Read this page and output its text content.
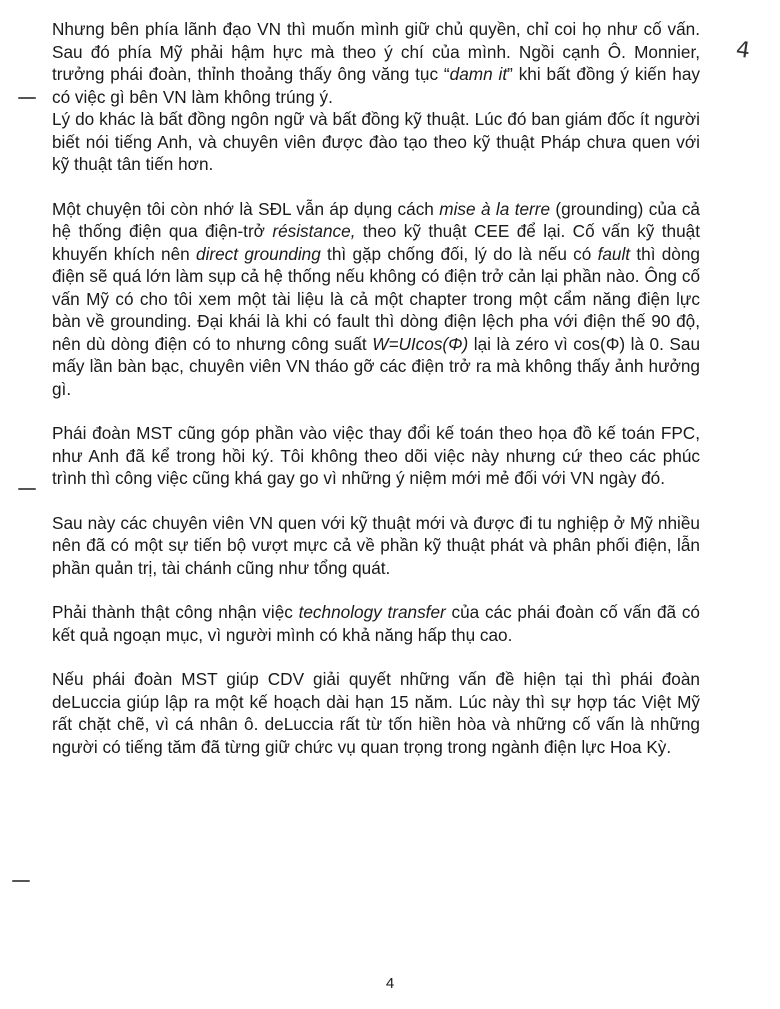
4

Nhưng bên phía lãnh đạo VN thì muốn mình giữ chủ quyền, chỉ coi họ như cố vấn. Sau đó phía Mỹ phải hậm hực mà theo ý chí của mình. Ngồi cạnh Ô. Monnier, trưởng phái đoàn, thỉnh thoảng thấy ông văng tục “damn it” khi bất đồng ý kiến hay có việc gì bên VN làm không trúng ý.

Lý do khác là bất đồng ngôn ngữ và bất đồng kỹ thuật. Lúc đó ban giám đốc ít người biết nói tiếng Anh, và chuyên viên được đào tạo theo kỹ thuật Pháp chưa quen với kỹ thuật tân tiến hơn.

Một chuyện tôi còn nhớ là SĐL vẫn áp dụng cách mise à la terre (grounding) của cả hệ thống điện qua điện-trở résistance, theo kỹ thuật CEE để lại. Cố vấn kỹ thuật khuyến khích nên direct grounding thì gặp chống đối, lý do là nếu có fault thì dòng điện sẽ quá lớn làm sụp cả hệ thống nếu không có điện trở cản lại phần nào. Ông cố vấn Mỹ có cho tôi xem một tài liệu là cả một chapter trong một cẩm năng điện lực bàn về grounding. Đại khái là khi có fault thì dòng điện lệch pha với điện thế 90 độ, nên dù dòng điện có to nhưng công suất W=UIcos(Φ) lại là zéro vì cos(Φ) là 0. Sau mấy lần bàn bạc, chuyên viên VN tháo gỡ các điện trở ra mà không thấy ảnh hưởng gì.

Phái đoàn MST cũng góp phần vào việc thay đổi kế toán theo họa đồ kế toán FPC, như Anh đã kể trong hồi ký. Tôi không theo dõi việc này nhưng cứ theo các phúc trình thì công việc cũng khá gay go vì những ý niệm mới mẻ đối với VN ngày đó.

Sau này các chuyên viên VN quen với kỹ thuật mới và được đi tu nghiệp ở Mỹ nhiều nên đã có một sự tiến bộ vượt mực cả về phần kỹ thuật phát và phân phối điện, lẫn phần quản trị, tài chánh cũng như tổng quát.

Phải thành thật công nhận việc technology transfer của các phái đoàn cố vấn đã có kết quả ngoạn mục, vì người mình có khả năng hấp thụ cao.

Nếu phái đoàn MST giúp CDV giải quyết những vấn đề hiện tại thì phái đoàn deLuccia giúp lập ra một kế hoạch dài hạn 15 năm. Lúc này thì sự hợp tác Việt Mỹ rất chặt chẽ, vì cá nhân ô. deLuccia rất từ tốn hiền hòa và những cố vấn là những người có tiếng tăm đã từng giữ chức vụ quan trọng trong ngành điện lực Hoa Kỳ.

4
